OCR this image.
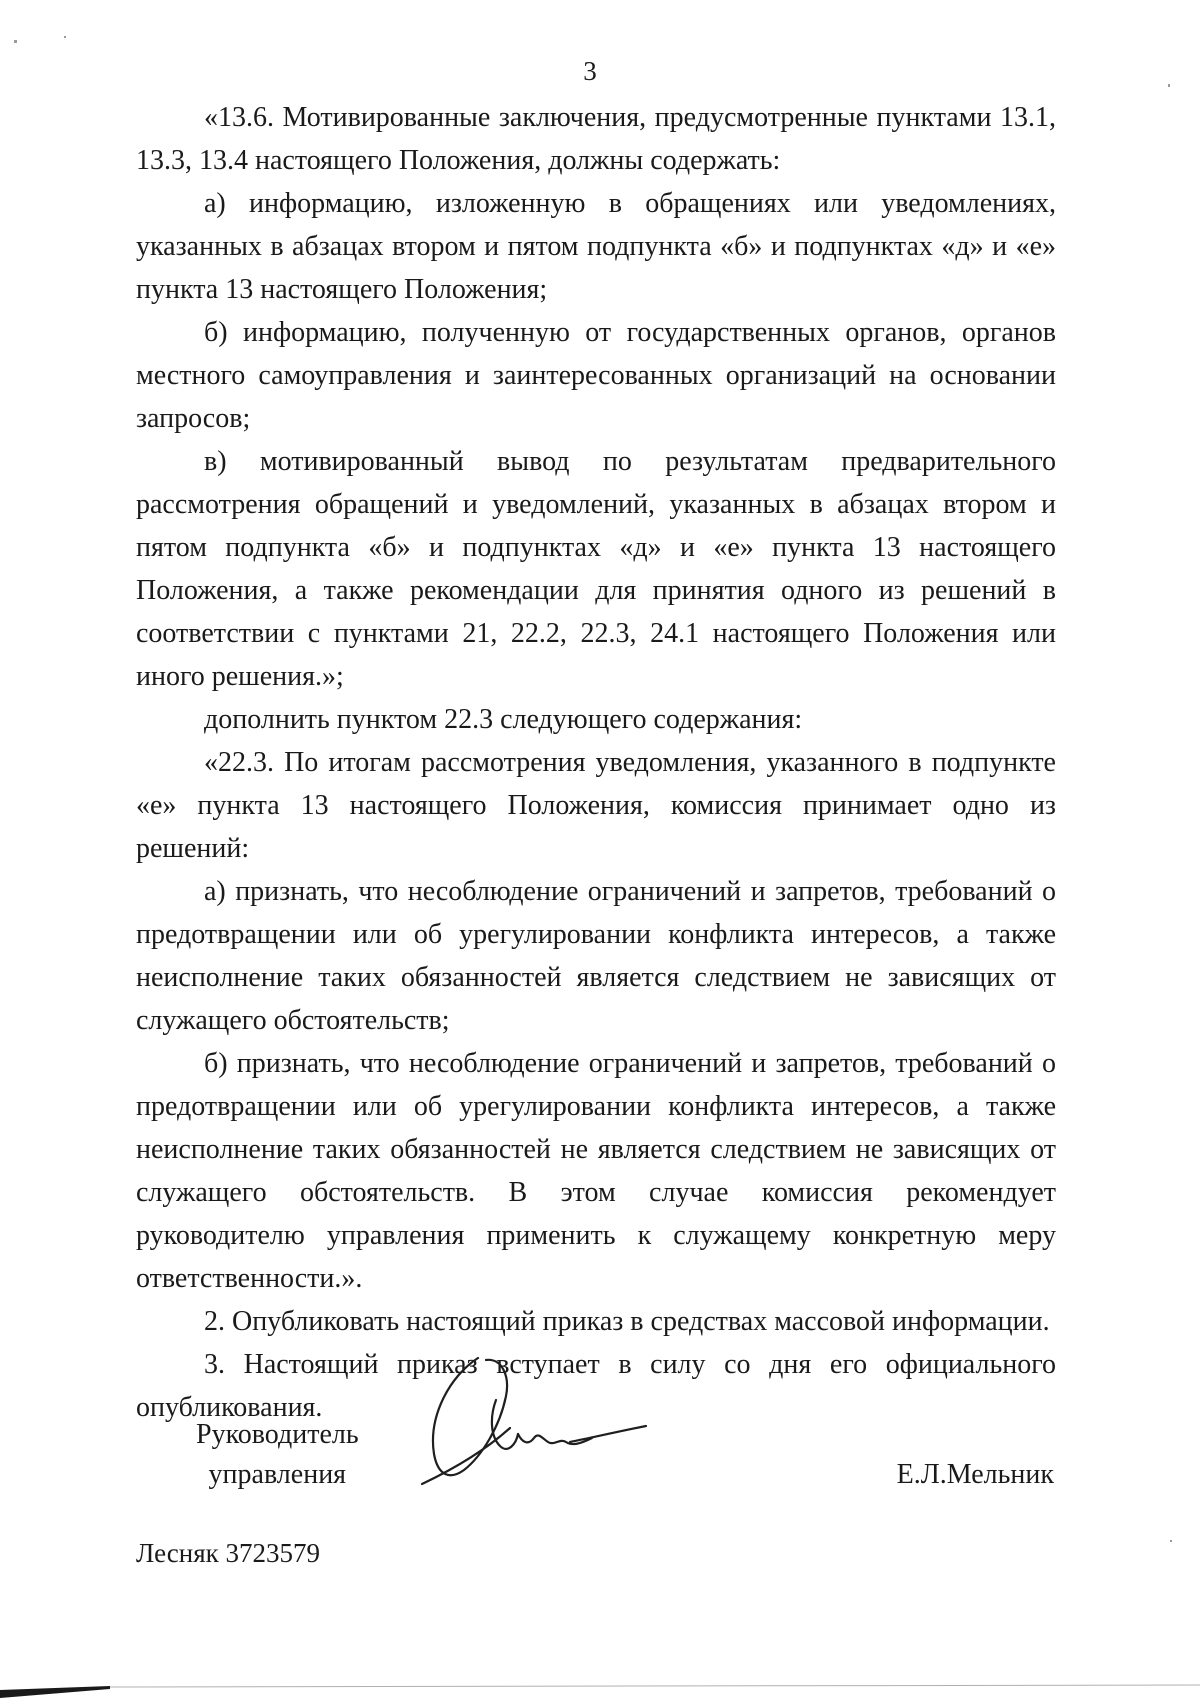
3

«13.6. Мотивированные заключения, предусмотренные пунктами 13.1, 13.3, 13.4 настоящего Положения, должны содержать:

а) информацию, изложенную в обращениях или уведомлениях, указанных в абзацах втором и пятом подпункта «б» и подпунктах «д» и «е» пункта 13 настоящего Положения;

б) информацию, полученную от государственных органов, органов местного самоуправления и заинтересованных организаций на основании запросов;

в) мотивированный вывод по результатам предварительного рассмотрения обращений и уведомлений, указанных в абзацах втором и пятом подпункта «б» и подпунктах «д» и «е» пункта 13 настоящего Положения, а также рекомендации для принятия одного из решений в соответствии с пунктами 21, 22.2, 22.3, 24.1 настоящего Положения или иного решения.»;

дополнить пунктом 22.3 следующего содержания:

«22.3. По итогам рассмотрения уведомления, указанного в подпункте «е» пункта 13 настоящего Положения, комиссия принимает одно из решений:

а) признать, что несоблюдение ограничений и запретов, требований о предотвращении или об урегулировании конфликта интересов, а также неисполнение таких обязанностей является следствием не зависящих от служащего обстоятельств;

б) признать, что несоблюдение ограничений и запретов, требований о предотвращении или об урегулировании конфликта интересов, а также неисполнение таких обязанностей не является следствием не зависящих от служащего обстоятельств. В этом случае комиссия рекомендует руководителю управления применить к служащему конкретную меру ответственности.».

2. Опубликовать настоящий приказ в средствах массовой информации.

3. Настоящий приказ вступает в силу со дня его официального опубликования.

Руководитель
управления	Е.Л.Мельник
Лесняк 3723579
